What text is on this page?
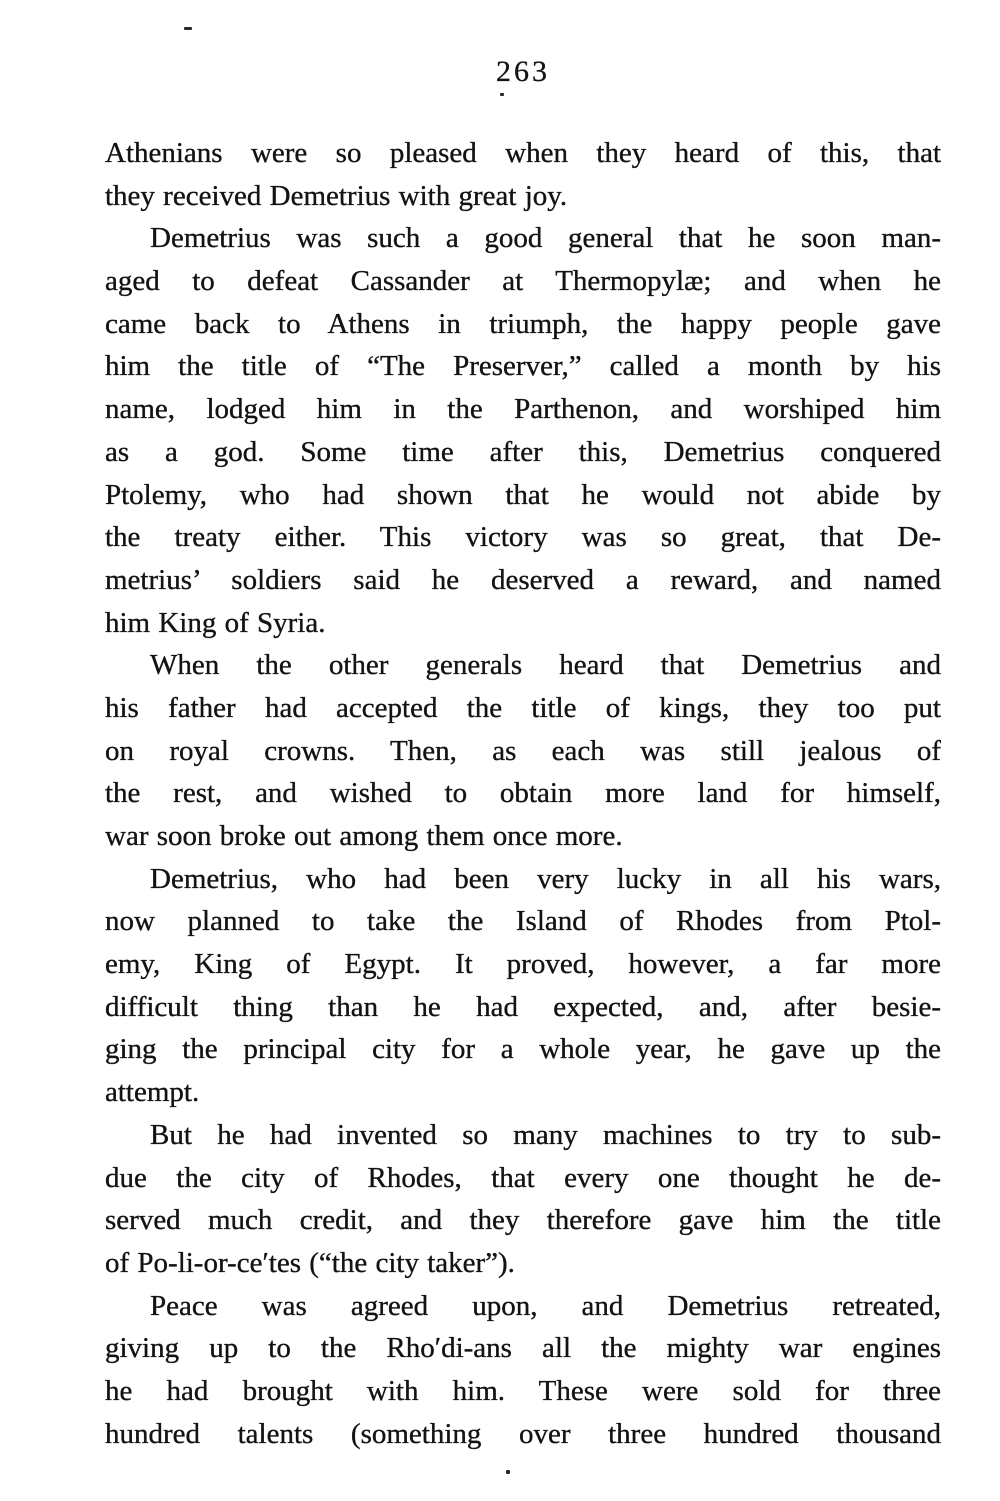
263
Athenians were so pleased when they heard of this, that
they received Demetrius with great joy.
Demetrius was such a good general that he soon man-
aged to defeat Cassander at Thermopylæ; and when he
came back to Athens in triumph, the happy people gave
him the title of “The Preserver,” called a month by his
name, lodged him in the Parthenon, and worshiped him
as a god. Some time after this, Demetrius conquered
Ptolemy, who had shown that he would not abide by
the treaty either. This victory was so great, that De-
metrius’ soldiers said he deserved a reward, and named
him King of Syria.
When the other generals heard that Demetrius and
his father had accepted the title of kings, they too put
on royal crowns. Then, as each was still jealous of
the rest, and wished to obtain more land for himself,
war soon broke out among them once more.
Demetrius, who had been very lucky in all his wars,
now planned to take the Island of Rhodes from Ptol-
emy, King of Egypt. It proved, however, a far more
difficult thing than he had expected, and, after besie-
ging the principal city for a whole year, he gave up the
attempt.
But he had invented so many machines to try to sub-
due the city of Rhodes, that every one thought he de-
served much credit, and they therefore gave him the title
of Po-li-or-ce′tes (“the city taker”).
Peace was agreed upon, and Demetrius retreated,
giving up to the Rho′di-ans all the mighty war engines
he had brought with him. These were sold for three
hundred talents (something over three hundred thousand
